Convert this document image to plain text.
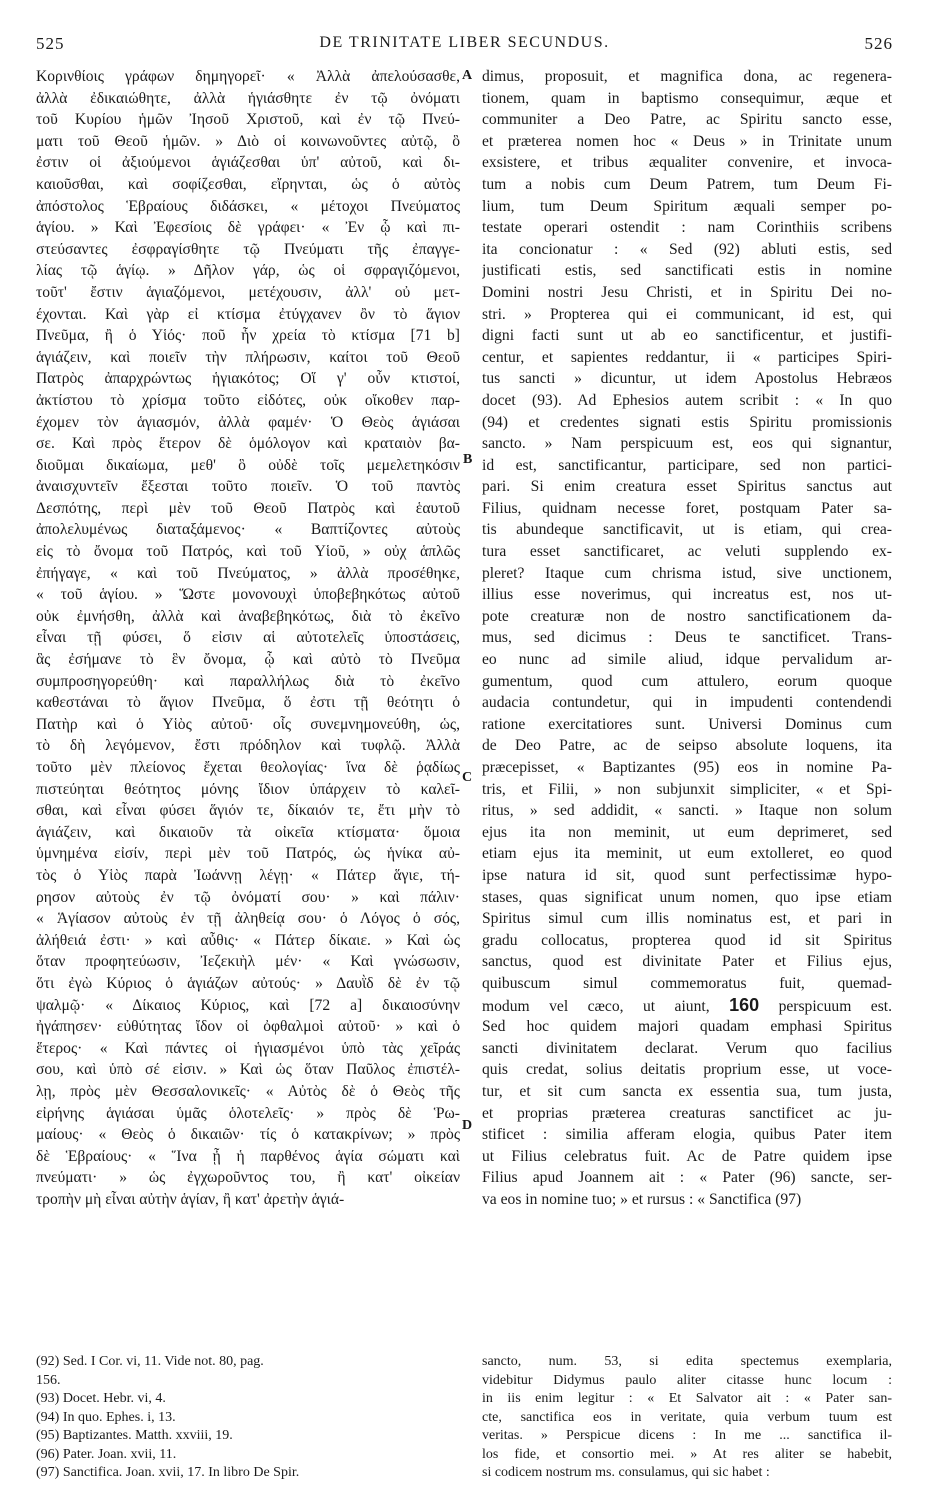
525	DE TRINITATE LIBER SECUNDUS.	526
A
B
C
D
Κορινθίοις γράφων δημηγορεῖ· « Ἀλλὰ ἀπελούσασθε,
ἀλλὰ ἐδικαιώθητε, ἀλλὰ ἡγιάσθητε ἐν τῷ ὀνόματι
τοῦ Κυρίου ἡμῶν Ἰησοῦ Χριστοῦ, καὶ ἐν τῷ Πνεύ-
ματι τοῦ Θεοῦ ἡμῶν. » Διὸ οἱ κοινωνοῦντες αὐτῷ, ὃ
ἐστιν οἱ ἀξιούμενοι ἁγιάζεσθαι ὑπ' αὐτοῦ, καὶ δι-
καιοῦσθαι, καὶ σοφίζεσθαι, εἴρηνται, ὡς ὁ αὐτὸς
ἀπόστολος Ἑβραίους διδάσκει, « μέτοχοι Πνεύματος
ἁγίου. » Καὶ Ἐφεσίοις δὲ γράφει· « Ἐν ᾧ καὶ πι-
στεύσαντες ἐσφραγίσθητε τῷ Πνεύματι τῆς ἐπαγγε-
λίας τῷ ἁγίῳ. » Δῆλον γάρ, ὡς οἱ σφραγιζόμενοι,
τοῦτ' ἔστιν ἁγιαζόμενοι, μετέχουσιν, ἀλλ' οὐ μετ-
έχονται. Καὶ γὰρ εἰ κτίσμα ἐτύγχανεν ὂν τὸ ἅγιον
Πνεῦμα, ἢ ὁ Υἱός· ποῦ ἦν χρεία τὸ κτίσμα [71 b]
ἁγιάζειν, καὶ ποιεῖν τὴν πλήρωσιν, καίτοι τοῦ Θεοῦ
Πατρὸς ἀπαρχρώντως ἡγιακότος; Οἵ γ' οὖν κτιστοί,
ἀκτίστου τὸ χρίσμα τοῦτο εἰδότες, οὐκ οἴκοθεν παρ-
έχομεν τὸν ἁγιασμόν, ἀλλὰ φαμέν· Ὁ Θεὸς ἁγιάσαι
σε. Καὶ πρὸς ἕτερον δὲ ὁμόλογον καὶ κραταιὸν βα-
διοῦμαι δικαίωμα, μεθ' ὃ οὐδὲ τοῖς μεμελετηκόσιν
ἀναισχυντεῖν ἔξεσται τοῦτο ποιεῖν. Ὁ τοῦ παντὸς
Δεσπότης, περὶ μὲν τοῦ Θεοῦ Πατρὸς καὶ ἑαυτοῦ
ἀπολελυμένως διαταξάμενος· « Βαπτίζοντες αὐτοὺς
εἰς τὸ ὄνομα τοῦ Πατρός, καὶ τοῦ Υἱοῦ, » οὐχ ἁπλῶς
ἐπήγαγε, « καὶ τοῦ Πνεύματος, » ἀλλὰ προσέθηκε,
« τοῦ ἁγίου. » Ὥστε μονονουχὶ ὑποβεβηκότως αὐτοῦ
οὐκ ἐμνήσθη, ἀλλὰ καὶ ἀναβεβηκότως, διὰ τὸ ἐκεῖνο
εἶναι τῇ φύσει, ὅ εἰσιν αἱ αὐτοτελεῖς ὑποστάσεις,
ἃς ἐσήμανε τὸ ἓν ὄνομα, ᾧ καὶ αὐτὸ τὸ Πνεῦμα
συμπροσηγορεύθη· καὶ παραλλήλως διὰ τὸ ἐκεῖνο
καθεστάναι τὸ ἅγιον Πνεῦμα, ὅ ἐστι τῇ θεότητι ὁ
Πατὴρ καὶ ὁ Υἱὸς αὐτοῦ· οἷς συνεμνημονεύθη, ὡς,
τὸ δὴ λεγόμενον, ἔστι πρόδηλον καὶ τυφλῷ. Ἀλλὰ
τοῦτο μὲν πλείονος ἔχεται θεολογίας· ἵνα δὲ ῥᾳδίως
πιστεύηται θεότητος μόνης ἴδιον ὑπάρχειν τὸ καλεῖ-
σθαι, καὶ εἶναι φύσει ἅγιόν τε, δίκαιόν τε, ἔτι μὴν τὸ
ἁγιάζειν, καὶ δικαιοῦν τὰ οἰκεῖα κτίσματα· ὅμοια
ὑμνημένα εἰσίν, περὶ μὲν τοῦ Πατρός, ὡς ἡνίκα αὐ-
τὸς ὁ Υἱὸς παρὰ Ἰωάννῃ λέγῃ· « Πάτερ ἅγιε, τή-
ρησον αὐτοὺς ἐν τῷ ὀνόματί σου· » καὶ πάλιν·
« Ἁγίασον αὐτοὺς ἐν τῇ ἀληθείᾳ σου· ὁ Λόγος ὁ σός,
ἀλήθειά ἐστι· » καὶ αὖθις· « Πάτερ δίκαιε. » Καὶ ὡς
ὅταν προφητεύωσιν, Ἰεζεκιὴλ μέν· « Καὶ γνώσωσιν,
ὅτι ἐγὼ Κύριος ὁ ἁγιάζων αὐτούς· » Δαυῒδ δὲ ἐν τῷ
ψαλμῷ· « Δίκαιος Κύριος, καὶ [72 a] δικαιοσύνην
ἠγάπησεν· εὐθύτητας ἴδον οἱ ὀφθαλμοὶ αὐτοῦ· » καὶ ὁ
ἕτερος· « Καὶ πάντες οἱ ἡγιασμένοι ὑπὸ τὰς χεῖράς
σου, καὶ ὑπὸ σέ εἰσιν. » Καὶ ὡς ὅταν Παῦλος ἐπιστέλ-
λῃ, πρὸς μὲν Θεσσαλονικεῖς· « Αὐτὸς δὲ ὁ Θεὸς τῆς
εἰρήνης ἁγιάσαι ὑμᾶς ὁλοτελεῖς· » πρὸς δὲ Ῥω-
μαίους· « Θεὸς ὁ δικαιῶν· τίς ὁ κατακρίνων; » πρὸς
δὲ Ἑβραίους· « Ἵνα ᾖ ἡ παρθένος ἁγία σώματι καὶ
πνεύματι· » ὡς ἐγχωροῦντος του, ἢ κατ' οἰκείαν
τροπὴν μὴ εἶναι αὐτὴν ἁγίαν, ἢ κατ' ἀρετὴν ἁγιά-
dimus, proposuit, et magnifica dona, ac regenera-
tionem, quam in baptismo consequimur, æque et
communiter a Deo Patre, ac Spiritu sancto esse,
et præterea nomen hoc « Deus » in Trinitate unum
exsistere, et tribus æqualiter convenire, et invoca-
tum a nobis cum Deum Patrem, tum Deum Fi-
lium, tum Deum Spiritum æquali semper po-
testate operari ostendit : nam Corinthiis scribens
ita concionatur : « Sed (92) abluti estis, sed
justificati estis, sed sanctificati estis in nomine
Domini nostri Jesu Christi, et in Spiritu Dei no-
stri. » Propterea qui ei communicant, id est, qui
digni facti sunt ut ab eo sanctificentur, et justifi-
centur, et sapientes reddantur, ii « participes Spiri-
tus sancti » dicuntur, ut idem Apostolus Hebræos
docet (93). Ad Ephesios autem scribit : « In quo
(94) et credentes signati estis Spiritu promissionis
sancto. » Nam perspicuum est, eos qui signantur,
id est, sanctificantur, participare, sed non partici-
pari. Si enim creatura esset Spiritus sanctus aut
Filius, quidnam necesse foret, postquam Pater sa-
tis abundeque sanctificavit, ut is etiam, qui crea-
tura esset sanctificaret, ac veluti supplendo ex-
pleret? Itaque cum chrisma istud, sive unctionem,
illius esse noverimus, qui increatus est, nos ut-
pote creaturæ non de nostro sanctificationem da-
mus, sed dicimus : Deus te sanctificet. Trans-
eo nunc ad simile aliud, idque pervalidum ar-
gumentum, quod cum attulero, eorum quoque
audacia contundetur, qui in impudenti contendendi
ratione exercitatiores sunt. Universi Dominus cum
de Deo Patre, ac de seipso absolute loquens, ita
præcepisset, « Baptizantes (95) eos in nomine Pa-
tris, et Filii, » non subjunxit simpliciter, « et Spi-
ritus, » sed addidit, « sancti. » Itaque non solum
ejus ita non meminit, ut eum deprimeret, sed
etiam ejus ita meminit, ut eum extolleret, eo quod
ipse natura id sit, quod sunt perfectissimæ hypo-
stases, quas significat unum nomen, quo ipse etiam
Spiritus simul cum illis nominatus est, et pari in
gradu collocatus, propterea quod id sit Spiritus
sanctus, quod est divinitate Pater et Filius ejus,
quibuscum simul commemoratus fuit, quemad-
modum vel cæco, ut aiunt, 160 perspicuum est.
Sed hoc quidem majori quadam emphasi Spiritus
sancti divinitatem declarat. Verum quo facilius
quis credat, solius deitatis proprium esse, ut voce-
tur, et sit cum sancta ex essentia sua, tum justa,
et proprias præterea creaturas sanctificet ac ju-
stificet : similia afferam elogia, quibus Pater item
ut Filius celebratus fuit. Ac de Patre quidem ipse
Filius apud Joannem ait : « Pater (96) sancte, ser-
va eos in nomine tuo; » et rursus : « Sanctifica (97)
(92) Sed. I Cor. vi, 11. Vide not. 80, pag.
156.
(93) Docet. Hebr. vi, 4.
(94) In quo. Ephes. i, 13.
(95) Baptizantes. Matth. xxviii, 19.
(96) Pater. Joan. xvii, 11.
(97) Sanctifica. Joan. xvii, 17. In libro De Spir.
sancto, num. 53, si edita spectemus exemplaria,
videbitur Didymus paulo aliter citasse hunc locum :
in iis enim legitur : « Et Salvator ait : « Pater san-
cte, sanctifica eos in veritate, quia verbum tuum est
veritas. » Perspicue dicens : In me ... sanctifica il-
los fide, et consortio mei. » At res aliter se habebit,
si codicem nostrum ms. consulamus, qui sic habet :
